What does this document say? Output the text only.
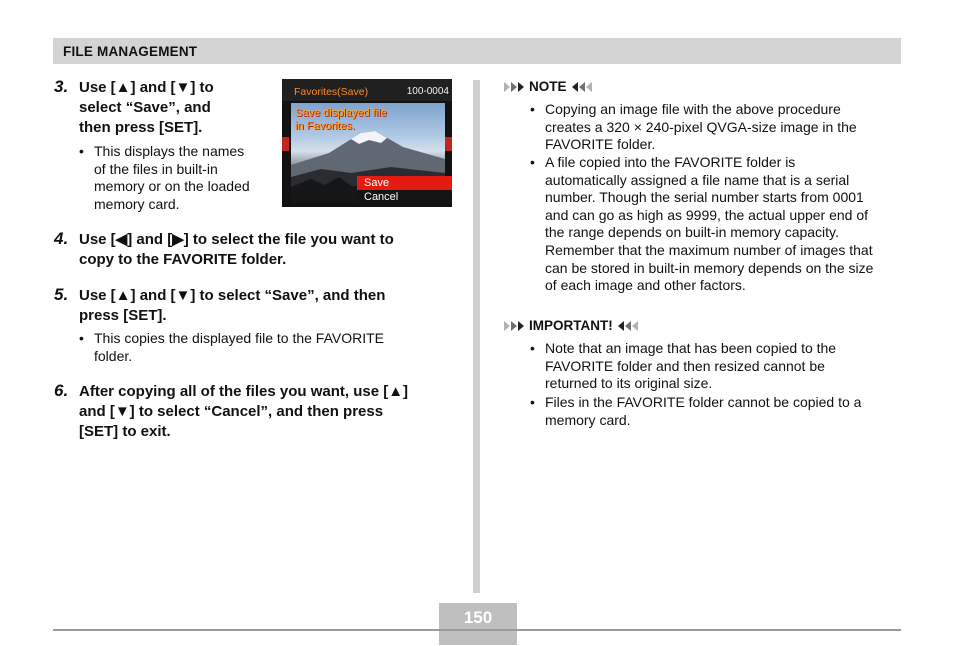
FILE MANAGEMENT
3. Use [▲] and [▼] to
select “Save”, and
then press [SET].
• This displays the names
of the files in built-in
memory or on the loaded
memory card.
Favorites(Save)	100-0004
Save displayed file
in Favorites.
Save
Cancel
4. Use [◀] and [▶] to select the file you want to
copy to the FAVORITE folder.
5. Use [▲] and [▼] to select “Save”, and then
press [SET].
• This copies the displayed file to the FAVORITE
folder.
6. After copying all of the files you want, use [▲]
and [▼] to select “Cancel”, and then press
[SET] to exit.
NOTE
• Copying an image file with the above procedure
creates a 320 × 240-pixel QVGA-size image in the
FAVORITE folder.
• A file copied into the FAVORITE folder is
automatically assigned a file name that is a serial
number. Though the serial number starts from 0001
and can go as high as 9999, the actual upper end of
the range depends on built-in memory capacity.
Remember that the maximum number of images that
can be stored in built-in memory depends on the size
of each image and other factors.
IMPORTANT!
• Note that an image that has been copied to the
FAVORITE folder and then resized cannot be
returned to its original size.
• Files in the FAVORITE folder cannot be copied to a
memory card.
150
